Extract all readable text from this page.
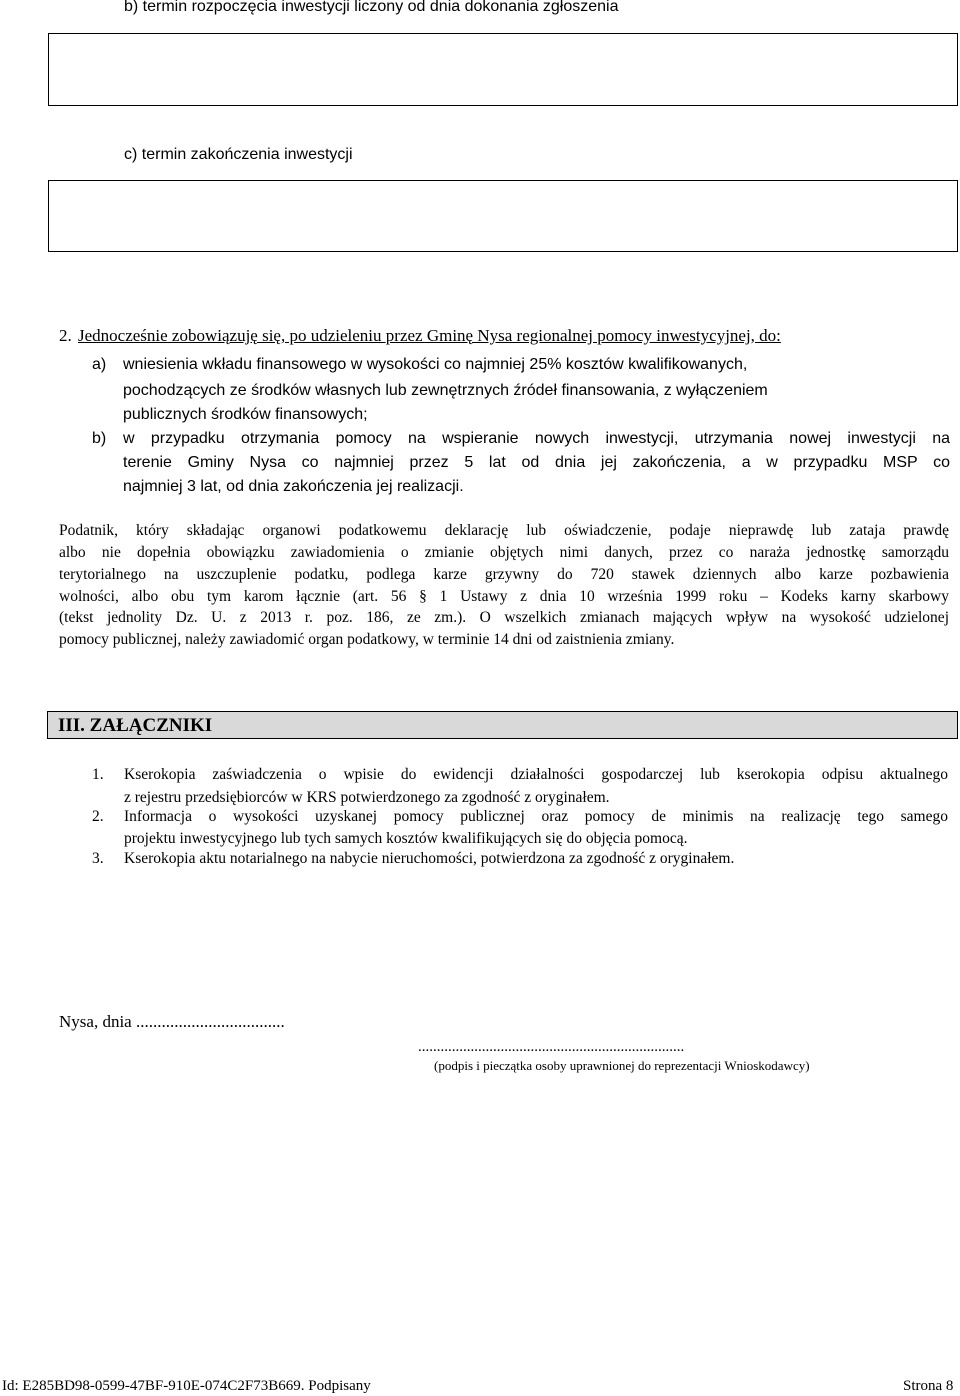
b) termin rozpoczęcia inwestycji liczony od dnia dokonania zgłoszenia
c) termin zakończenia inwestycji
2. Jednocześnie zobowiązuję się, po udzieleniu przez Gminę Nysa regionalnej pomocy inwestycyjnej, do:
a) wniesienia wkładu finansowego w wysokości co najmniej 25% kosztów kwalifikowanych,
pochodzących ze środków własnych lub zewnętrznych źródeł finansowania, z wyłączeniem
publicznych środków finansowych;
b) w przypadku otrzymania pomocy na wspieranie nowych inwestycji, utrzymania nowej inwestycji na
terenie Gminy Nysa co najmniej przez 5 lat od dnia jej zakończenia, a w przypadku MSP co
najmniej 3 lat, od dnia zakończenia jej realizacji.
Podatnik, który składając organowi podatkowemu deklarację lub oświadczenie, podaje nieprawdę lub zataja prawdę
albo nie dopełnia obowiązku zawiadomienia o zmianie objętych nimi danych, przez co naraża jednostkę samorządu
terytorialnego na uszczuplenie podatku, podlega karze grzywny do 720 stawek dziennych albo karze pozbawienia
wolności, albo obu tym karom łącznie (art. 56 § 1 Ustawy z dnia 10 września 1999 roku – Kodeks karny skarbowy
(tekst jednolity Dz. U. z 2013 r. poz. 186, ze zm.). O wszelkich zmianach mających wpływ na wysokość udzielonej
pomocy publicznej, należy zawiadomić organ podatkowy, w terminie 14 dni od zaistnienia zmiany.
III. ZAŁĄCZNIKI
1. Kserokopia zaświadczenia o wpisie do ewidencji działalności gospodarczej lub kserokopia odpisu aktualnego
z rejestru przedsiębiorców w KRS potwierdzonego za zgodność z oryginałem.
2. Informacja o wysokości uzyskanej pomocy publicznej oraz pomocy de minimis na realizację tego samego
projektu inwestycyjnego lub tych samych kosztów kwalifikujących się do objęcia pomocą.
3. Kserokopia aktu notarialnego na nabycie nieruchomości, potwierdzona za zgodność z oryginałem.
Nysa, dnia ...................................
.......................................................................
(podpis i pieczątka osoby uprawnionej do reprezentacji Wnioskodawcy)
Id: E285BD98-0599-47BF-910E-074C2F73B669. Podpisany	Strona 8
